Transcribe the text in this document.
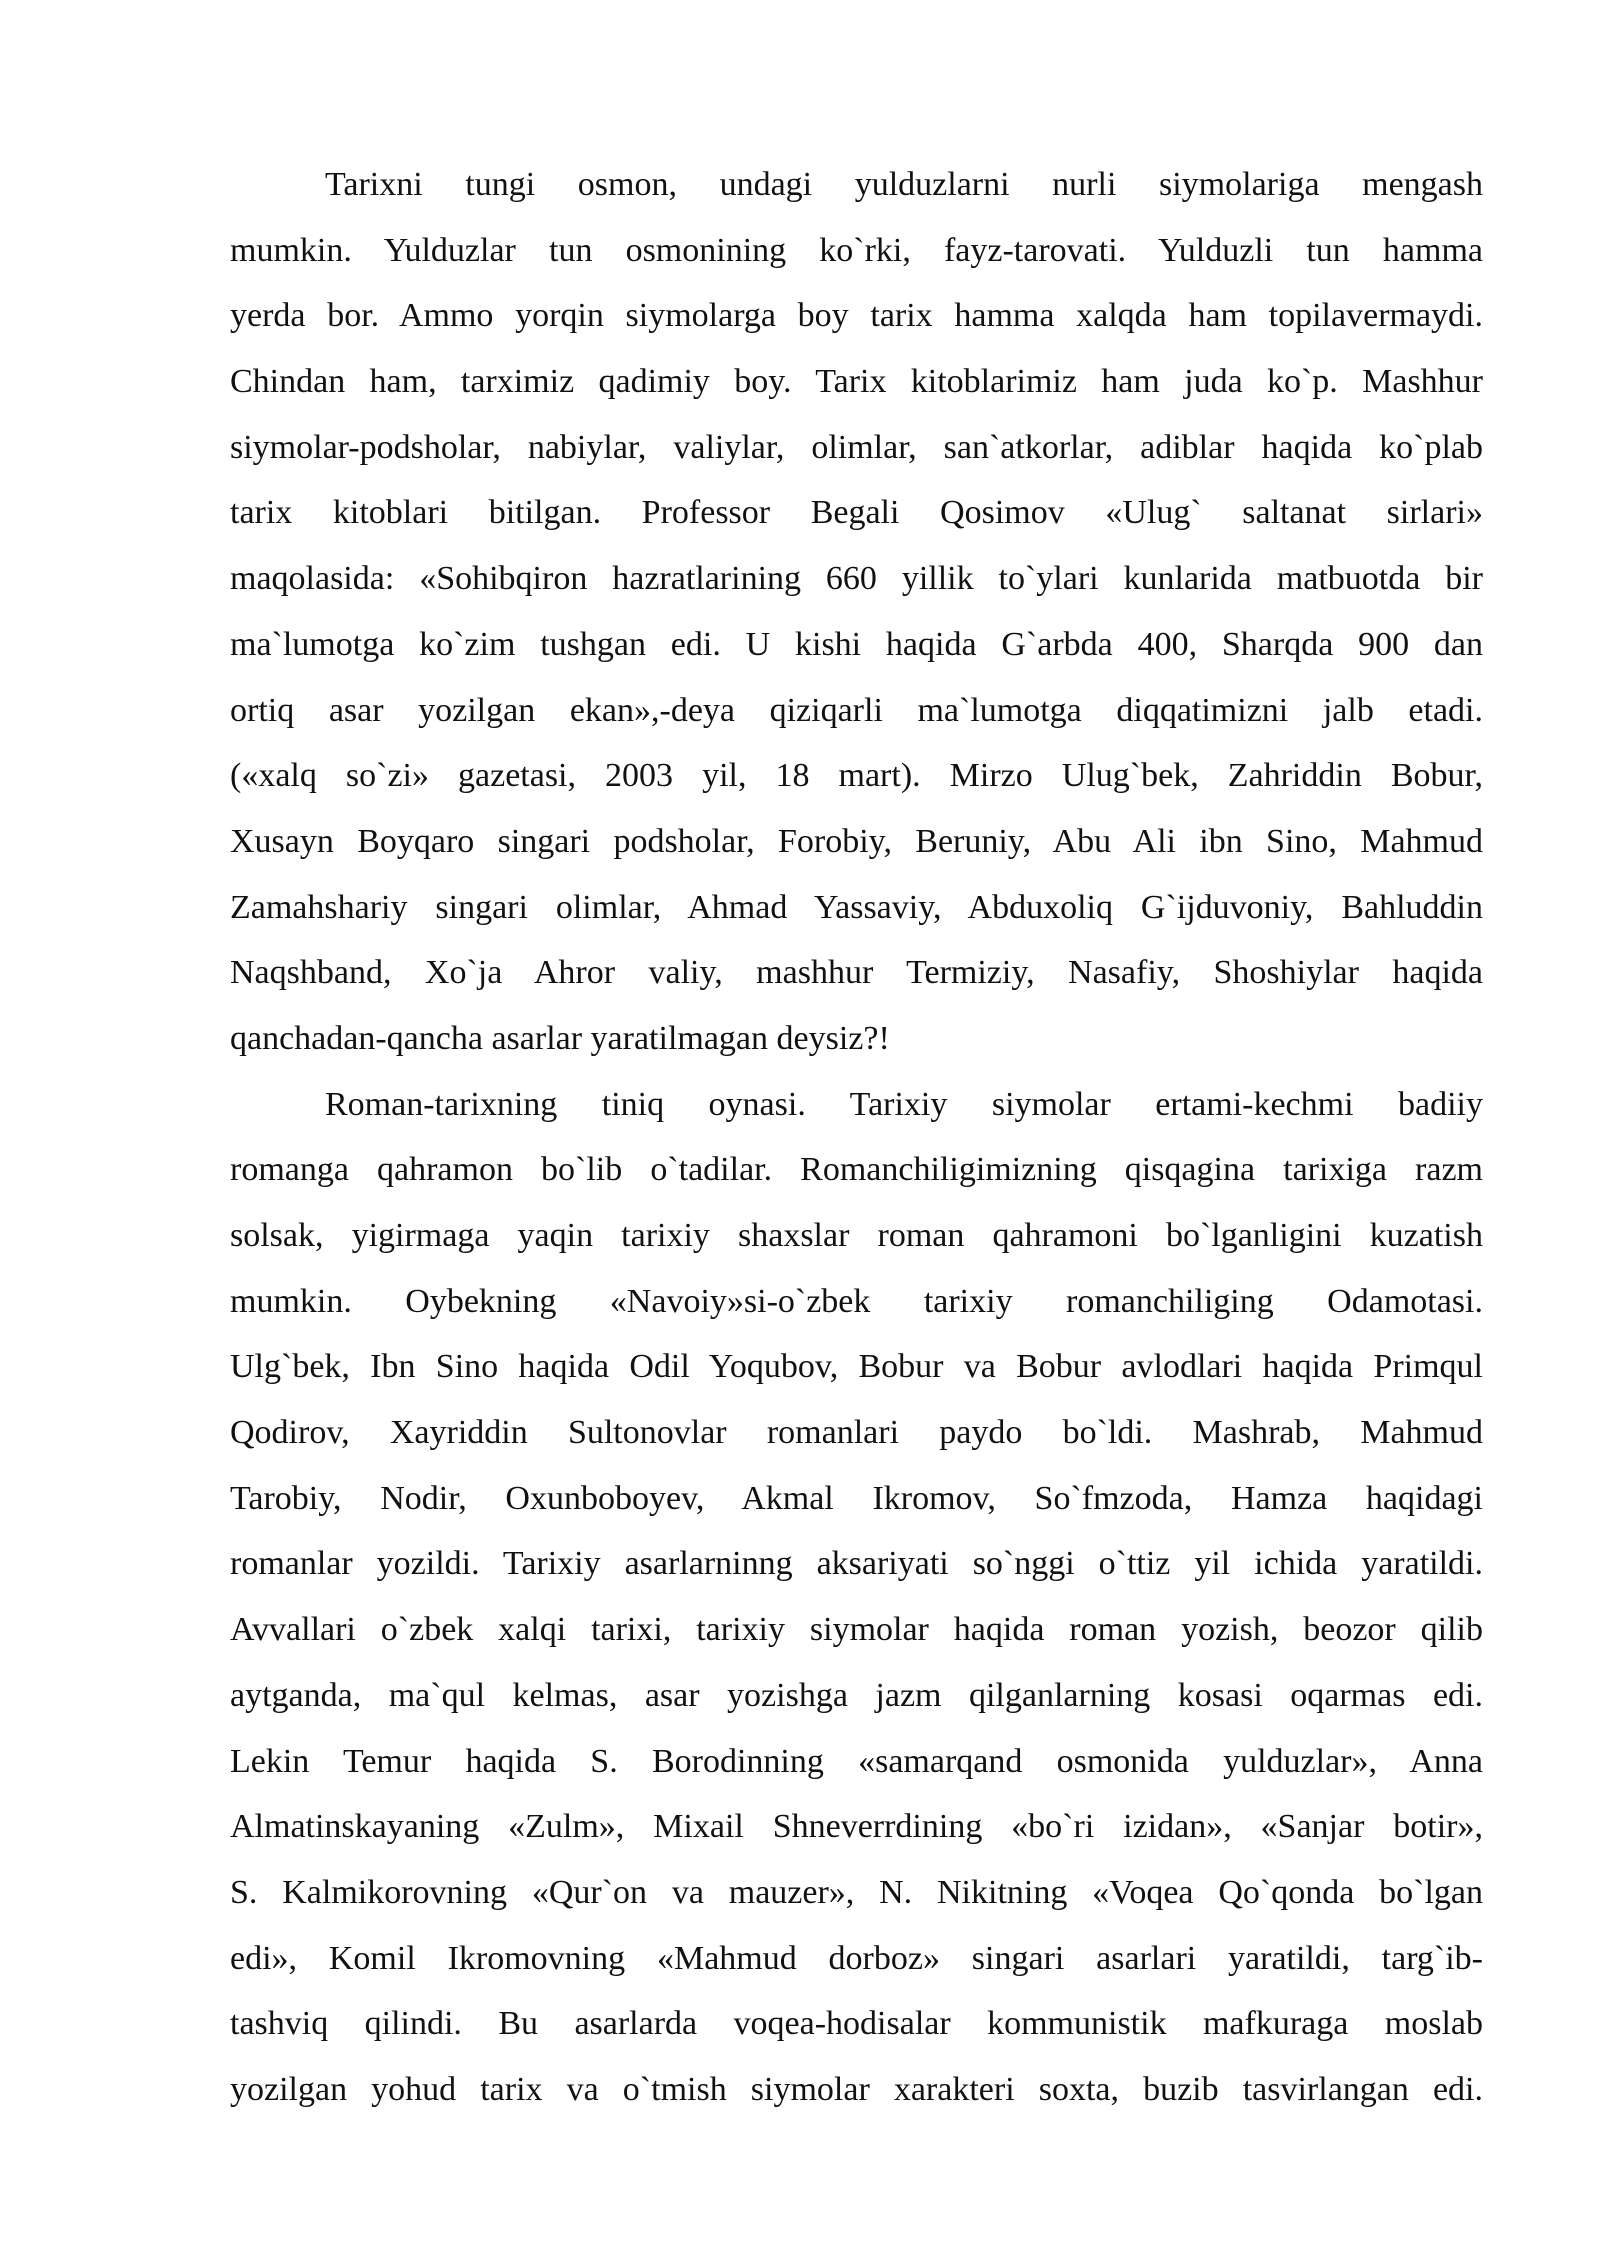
Tarixni tungi osmon, undagi yulduzlarni nurli siymolariga mengash
mumkin. Yulduzlar tun osmonining ko`rki, fayz-tarovati. Yulduzli tun hamma
yerda bor. Ammo yorqin siymolarga boy tarix hamma xalqda ham topilavermaydi.
Chindan ham, tarximiz qadimiy boy. Tarix kitoblarimiz ham juda ko`p. Mashhur
siymolar-podsholar, nabiylar, valiylar, olimlar, san`atkorlar, adiblar haqida ko`plab
tarix kitoblari bitilgan. Professor Begali Qosimov «Ulug` saltanat sirlari»
maqolasida: «Sohibqiron hazratlarining 660 yillik to`ylari kunlarida matbuotda bir
ma`lumotga ko`zim tushgan edi. U kishi haqida G`arbda 400, Sharqda 900 dan
ortiq asar yozilgan ekan»,-deya qiziqarli ma`lumotga diqqatimizni jalb etadi.
(«xalq so`zi» gazetasi, 2003 yil, 18 mart). Mirzo Ulug`bek, Zahriddin Bobur,
Xusayn Boyqaro singari podsholar, Forobiy, Beruniy, Abu Ali ibn Sino, Mahmud
Zamahshariy singari olimlar, Ahmad Yassaviy, Abduxoliq G`ijduvoniy, Bahluddin
Naqshband, Xo`ja Ahror valiy, mashhur Termiziy, Nasafiy, Shoshiylar haqida
qanchadan-qancha asarlar yaratilmagan deysiz?!
Roman-tarixning tiniq oynasi. Tarixiy siymolar ertami-kechmi badiiy
romanga qahramon bo`lib o`tadilar. Romanchiligimizning qisqagina tarixiga razm
solsak, yigirmaga yaqin tarixiy shaxslar roman qahramoni bo`lganligini kuzatish
mumkin. Oybekning «Navoiy»si-o`zbek tarixiy romanchiliging Odamotasi.
Ulg`bek, Ibn Sino haqida Odil Yoqubov, Bobur va Bobur avlodlari haqida Primqul
Qodirov, Xayriddin Sultonovlar romanlari paydo bo`ldi. Mashrab, Mahmud
Tarobiy, Nodir, Oxunboboyev, Akmal Ikromov, So`fmzoda, Hamza haqidagi
romanlar yozildi. Tarixiy asarlarninng aksariyati so`nggi o`ttiz yil ichida yaratildi.
Avvallari o`zbek xalqi tarixi, tarixiy siymolar haqida roman yozish, beozor qilib
aytganda, ma`qul kelmas, asar yozishga jazm qilganlarning kosasi oqarmas edi.
Lekin Temur haqida S. Borodinning «samarqand osmonida yulduzlar», Anna
Almatinskayaning «Zulm», Mixail Shneverrdining «bo`ri izidan», «Sanjar botir»,
S. Kalmikorovning «Qur`on va mauzer», N. Nikitning «Voqea Qo`qonda bo`lgan
edi», Komil Ikromovning «Mahmud dorboz» singari asarlari yaratildi, targ`ib-
tashviq qilindi. Bu asarlarda voqea-hodisalar kommunistik mafkuraga moslab
yozilgan yohud tarix va o`tmish siymolar xarakteri soxta, buzib tasvirlangan edi.
